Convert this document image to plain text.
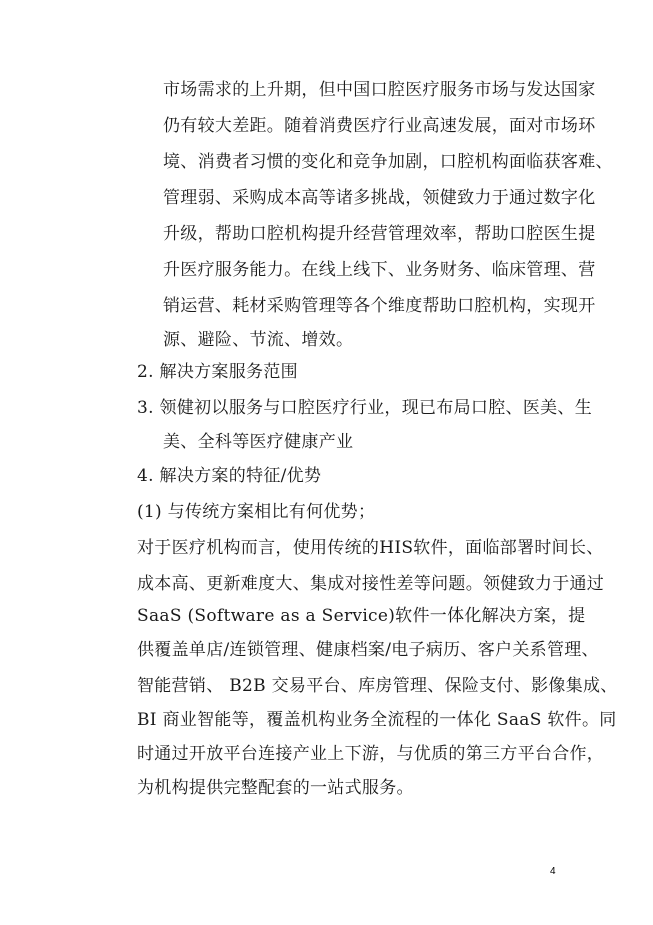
市场需求的上升期，但中国口腔医疗服务市场与发达国家
仍有较大差距。随着消费医疗行业高速发展，面对市场环
境、消费者习惯的变化和竞争加剧，口腔机构面临获客难、
管理弱、采购成本高等诸多挑战，领健致力于通过数字化
升级，帮助口腔机构提升经营管理效率，帮助口腔医生提
升医疗服务能力。在线上线下、业务财务、临床管理、营
销运营、耗材采购管理等各个维度帮助口腔机构，实现开
源、避险、节流、增效。
2. 解决方案服务范围
3. 领健初以服务与口腔医疗行业，现已布局口腔、医美、生
美、全科等医疗健康产业
4. 解决方案的特征/优势
(1) 与传统方案相比有何优势；
对于医疗机构而言，使用传统的HIS软件，面临部署时间长、
成本高、更新难度大、集成对接性差等问题。领健致力于通过
SaaS (Software as a Service)软件一体化解决方案，提
供覆盖单店/连锁管理、健康档案/电子病历、客户关系管理、
智能营销、 B2B 交易平台、库房管理、保险支付、影像集成、
BI 商业智能等，覆盖机构业务全流程的一体化 SaaS 软件。同
时通过开放平台连接产业上下游，与优质的第三方平台合作，
为机构提供完整配套的一站式服务。
4
